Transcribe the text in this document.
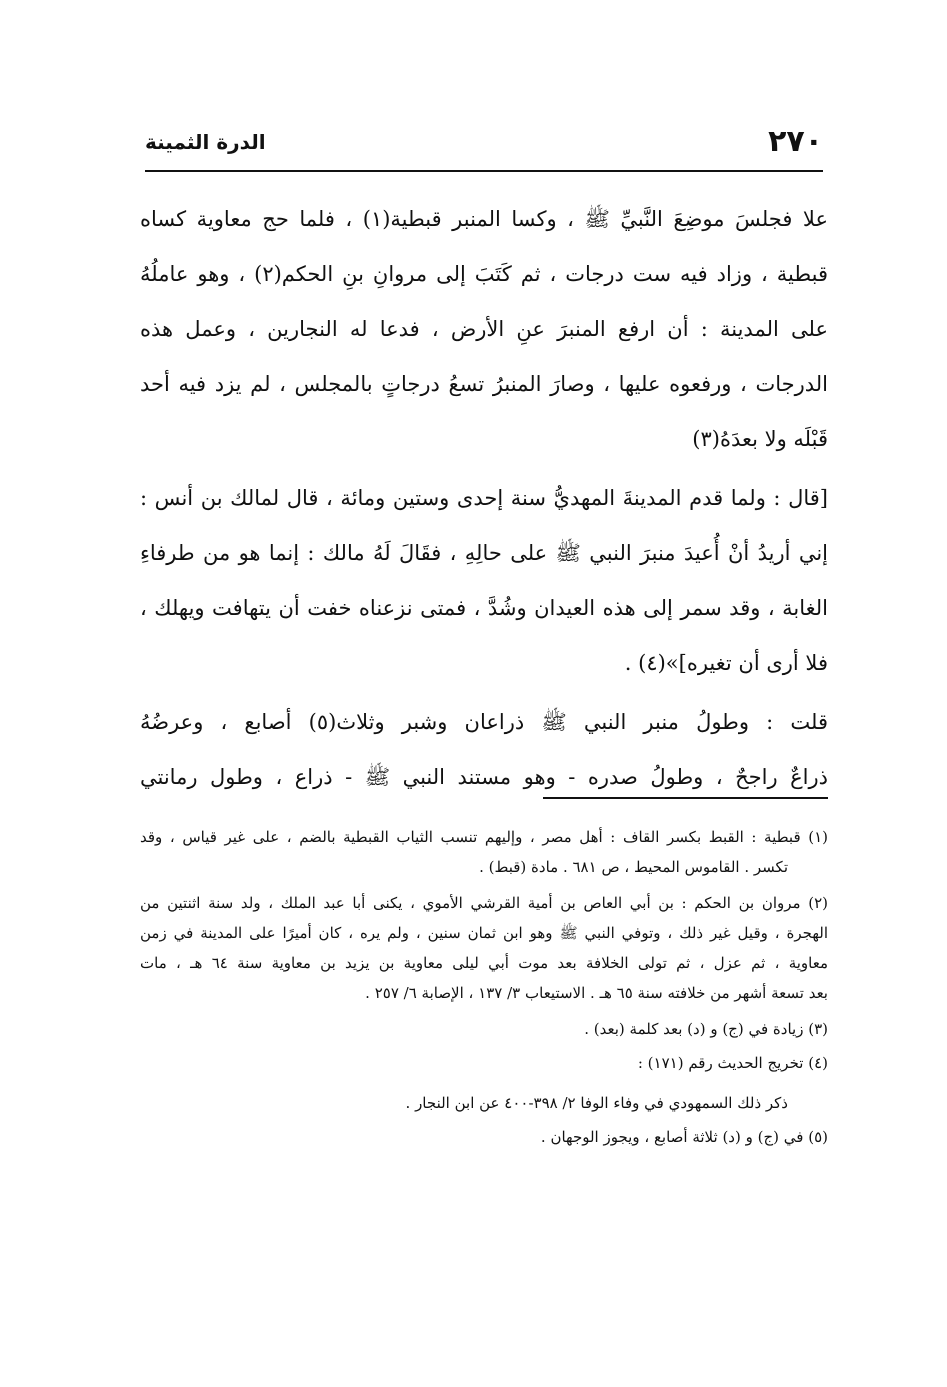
٢٧٠
الدرة الثمينة
علا فجلسَ موضِعَ النَّبيِّ ﷺ ، وكسا المنبر قبطية(١) ، فلما حج معاوية كساه
قبطية ، وزاد فيه ست درجات ، ثم كَتَبَ إلى مروانِ بنِ الحكم(٢) ، وهو عاملُهُ
على المدينة : أن ارفع المنبرَ عنِ الأرض ، فدعا له النجارين ، وعمل هذه
الدرجات ، ورفعوه عليها ، وصارَ المنبرُ تسعُ درجاتٍ بالمجلس ، لم يزد فيه أحد
قَبْلَه ولا بعدَهُ(٣)
[قال : ولما قدم المدينةَ المهديُّ سنة إحدى وستين ومائة ، قال لمالك بن أنس :
إني أريدُ أنْ أُعيدَ منبرَ النبي ﷺ على حالِهِ ، فقَالَ لَهُ مالك : إنما هو من طرفاءِ
الغابة ، وقد سمر إلى هذه العيدان وشُدَّ ، فمتى نزعناه خفت أن يتهافت ويهلك ،
فلا أرى أن تغيره]»(٤) .
قلت : وطولُ منبر النبي ﷺ ذراعان وشبر وثلاث(٥) أصابع ، وعرضُهُ
ذراعٌ راجحٌ ، وطولُ صدره - وهو مستند النبي ﷺ - ذراع ، وطول رمانتي
(١) قبطية : القبط بكسر القاف : أهل مصر ، وإليهم تنسب الثياب القبطية بالضم ، على غير قياس ، وقد
تكسر . القاموس المحيط ، ص ٦٨١ . مادة (قبط) .
(٢) مروان بن الحكم : بن أبي العاص بن أمية القرشي الأموي ، يكنى أبا عبد الملك ، ولد سنة اثنتين من
الهجرة ، وقيل غير ذلك ، وتوفي النبي ﷺ وهو ابن ثمان سنين ، ولم يره ، كان أميرًا على المدينة في زمن
معاوية ، ثم عزل ، ثم تولى الخلافة بعد موت أبي ليلى معاوية بن يزيد بن معاوية سنة ٦٤ هـ ، مات
بعد تسعة أشهر من خلافته سنة ٦٥ هـ . الاستيعاب ٣/ ١٣٧ ، الإصابة ٦/ ٢٥٧ .
(٣) زيادة في (ج) و (د) بعد كلمة (بعد) .
(٤) تخريج الحديث رقم (١٧١) :
ذكر ذلك السمهودي في وفاء الوفا ٢/ ٣٩٨-٤٠٠ عن ابن النجار .
(٥) في (ج) و (د) ثلاثة أصابع ، ويجوز الوجهان .
